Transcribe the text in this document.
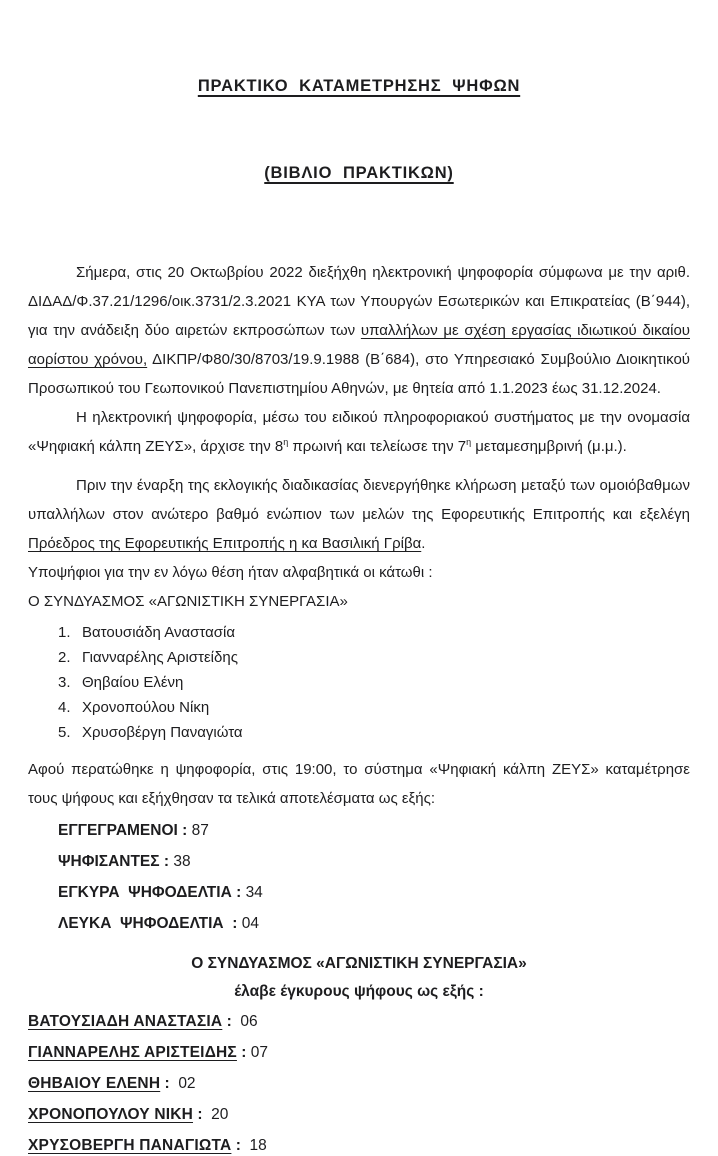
ΠΡΑΚΤΙΚΟ  ΚΑΤΑΜΕΤΡΗΣΗΣ  ΨΗΦΩΝ

(ΒΙΒΛΙΟ  ΠΡΑΚΤΙΚΩΝ)

Σήμερα, στις 20 Οκτωβρίου 2022 διεξήχθη ηλεκτρονική ψηφοφορία σύμφωνα με την αριθ. ΔΙΔΑΔ/Φ.37.21/1296/οικ.3731/2.3.2021 ΚΥΑ των Υπουργών Εσωτερικών και Επικρατείας (Β΄944), για την ανάδειξη δύο αιρετών εκπροσώπων των υπαλλήλων με σχέση εργασίας ιδιωτικού δικαίου αορίστου χρόνου, ΔΙΚΠΡ/Φ80/30/8703/19.9.1988 (Β΄684), στο Υπηρεσιακό Συμβούλιο Διοικητικού Προσωπικού του Γεωπονικού Πανεπιστημίου Αθηνών, με θητεία από 1.1.2023 έως 31.12.2024.

Η ηλεκτρονική ψηφοφορία, μέσω του ειδικού πληροφοριακού συστήματος με την ονομασία «Ψηφιακή κάλπη ΖΕΥΣ», άρχισε την $8^\eta$ πρωινή και τελείωσε την $7^\eta$ μεταμεσημβρινή (μ.μ.).

Πριν την έναρξη της εκλογικής διαδικασίας διενεργήθηκε κλήρωση μεταξύ των ομοιόβαθμων υπαλλήλων στον ανώτερο βαθμό ενώπιον των μελών της Εφορευτικής Επιτροπής και εξελέγη Πρόεδρος της Εφορευτικής Επιτροπής η κα Βασιλική Γρίβα.

Υποψήφιοι για την εν λόγω θέση ήταν αλφαβητικά οι κάτωθι :

Ο ΣΥΝΔΥΑΣΜΟΣ «ΑΓΩΝΙΣΤΙΚΗ ΣΥΝΕΡΓΑΣΙΑ»

1. Βατουσιάδη Αναστασία
2. Γιανναρέλης Αριστείδης
3. Θηβαίου Ελένη
4. Χρονοπούλου Νίκη
5. Χρυσοβέργη Παναγιώτα

Αφού περατώθηκε η ψηφοφορία, στις 19:00, το σύστημα «Ψηφιακή κάλπη ΖΕΥΣ» καταμέτρησε τους ψήφους και εξήχθησαν τα τελικά αποτελέσματα ως εξής:

ΕΓΓΕΓΡΑΜΕΝΟΙ : 87
ΨΗΦΙΣΑΝΤΕΣ : 38
ΕΓΚΥΡΑ  ΨΗΦΟΔΕΛΤΙΑ : 34
ΛΕΥΚΑ  ΨΗΦΟΔΕΛΤΙΑ  : 04
Ο ΣΥΝΔΥΑΣΜΟΣ «ΑΓΩΝΙΣΤΙΚΗ ΣΥΝΕΡΓΑΣΙΑ»
έλαβε έγκυρους ψήφους ως εξής :
ΒΑΤΟΥΣΙΑΔΗ ΑΝΑΣΤΑΣΙΑ :  06
ΓΙΑΝΝΑΡΕΛΗΣ ΑΡΙΣΤΕΙΔΗΣ : 07
ΘΗΒΑΙΟΥ ΕΛΕΝΗ :  02
ΧΡΟΝΟΠΟΥΛΟΥ ΝΙΚΗ :  20
ΧΡΥΣΟΒΕΡΓΗ ΠΑΝΑΓΙΩΤΑ :  18
